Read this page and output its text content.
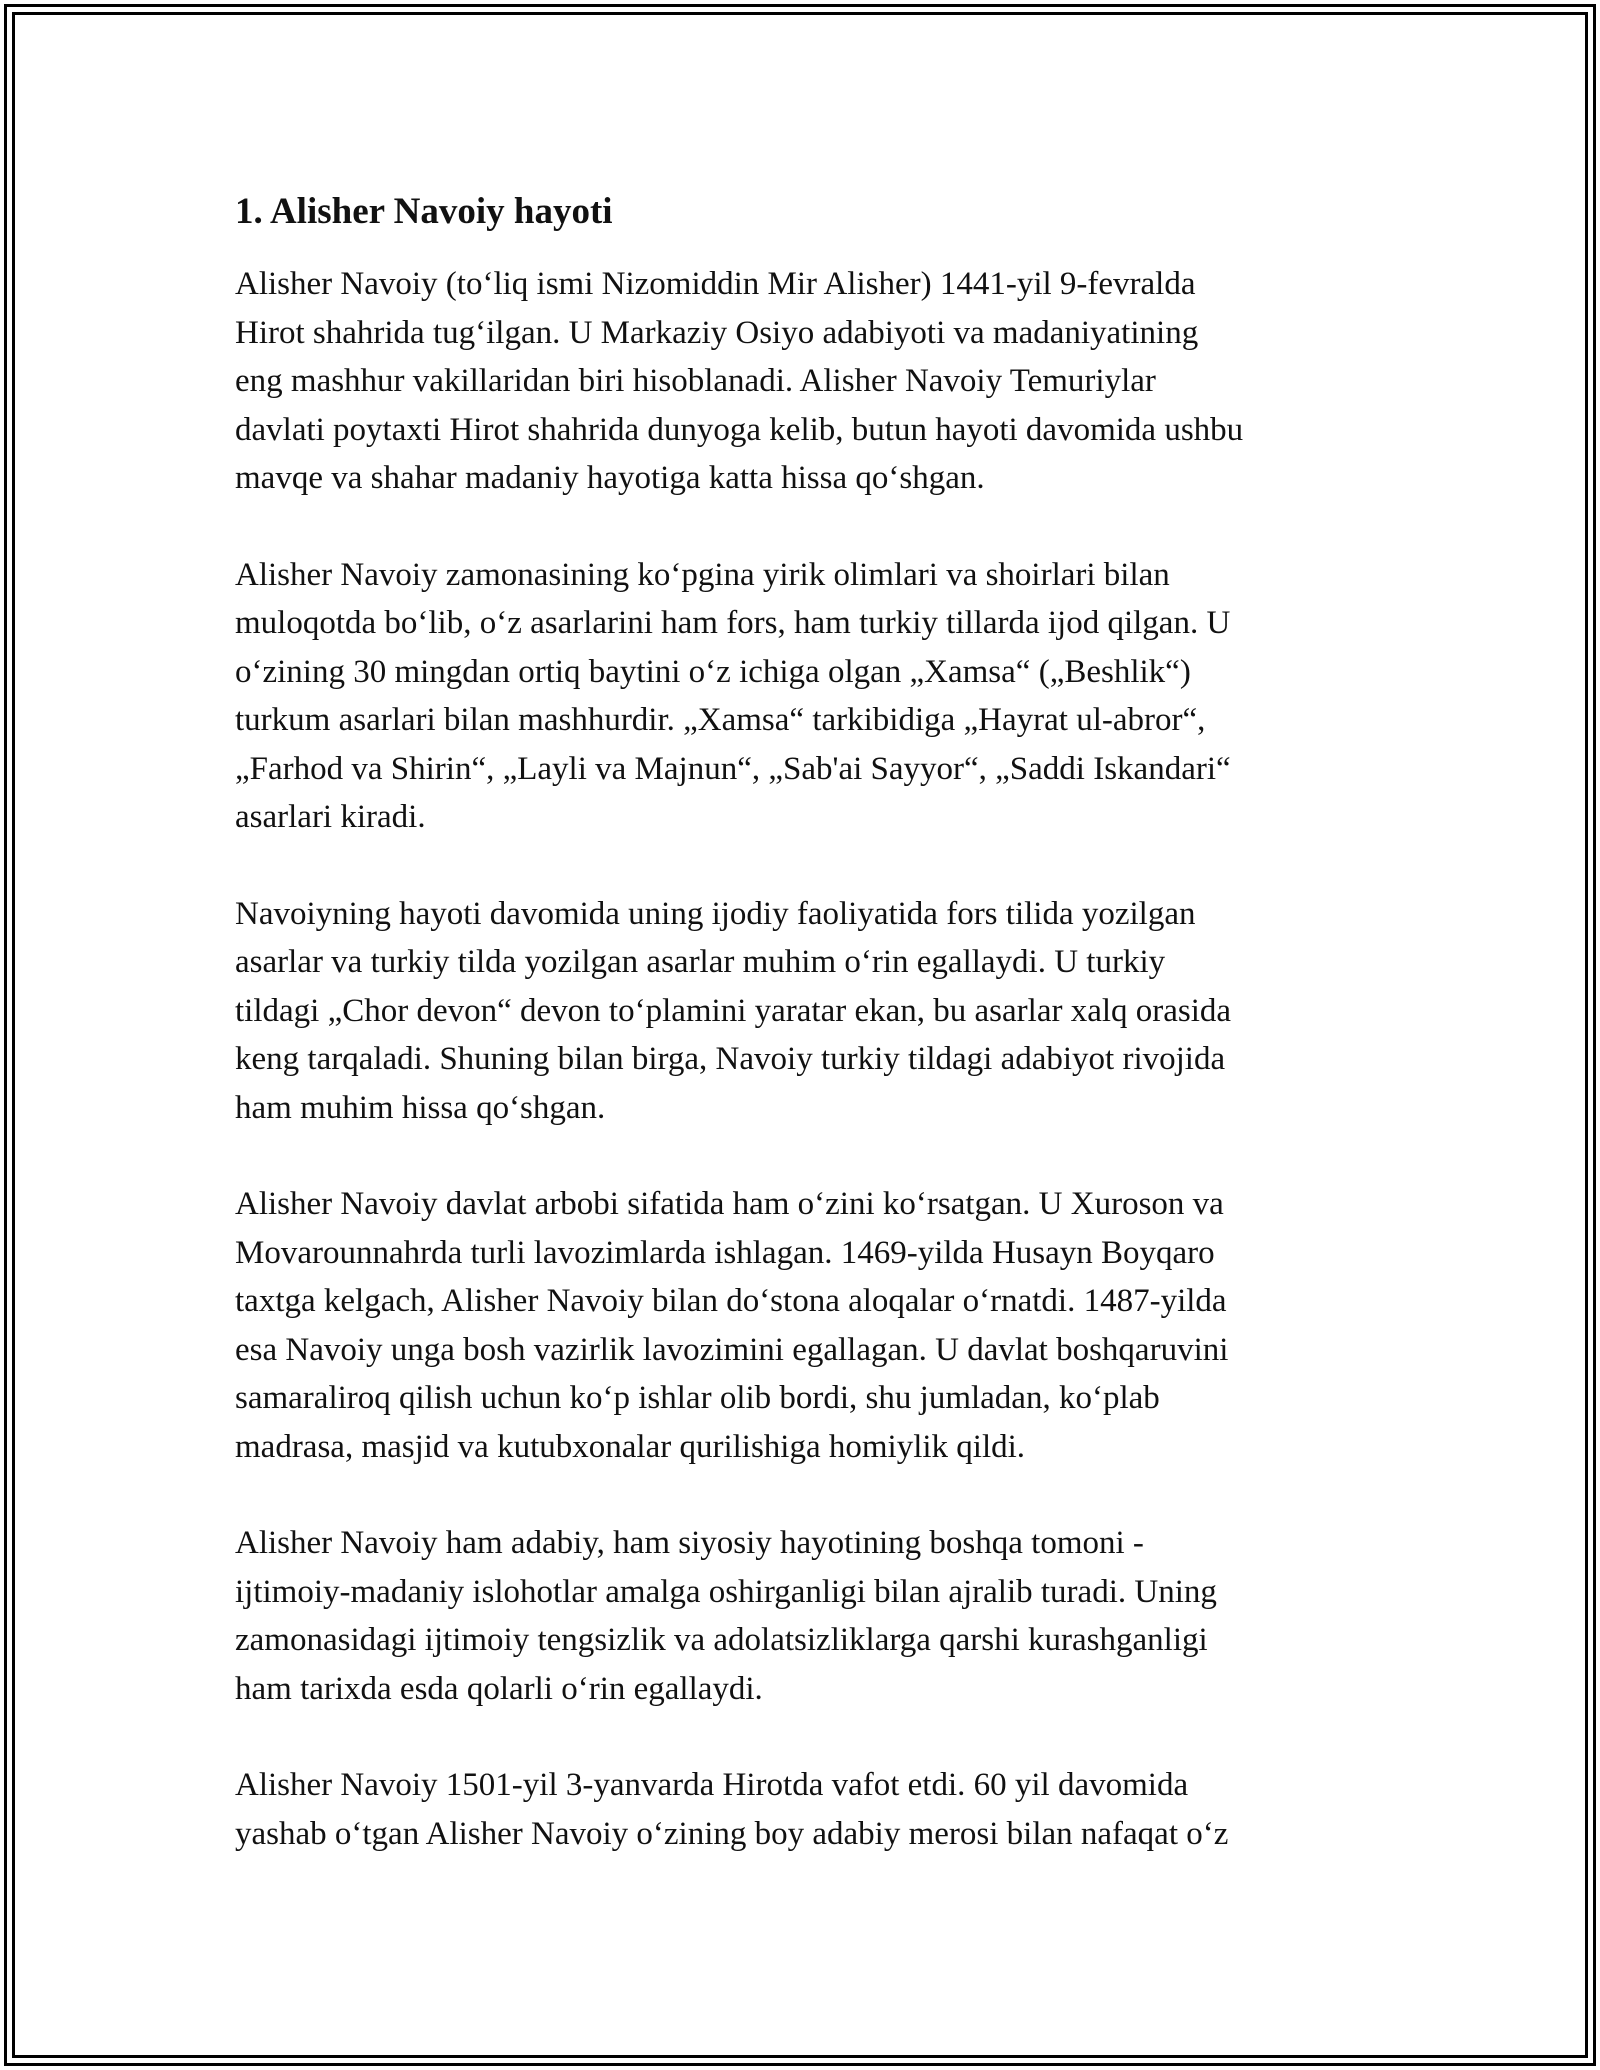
1. Alisher Navoiy hayoti

Alisher Navoiy (to‘liq ismi Nizomiddin Mir Alisher) 1441-yil 9-fevralda
Hirot shahrida tug‘ilgan. U Markaziy Osiyo adabiyoti va madaniyatining
eng mashhur vakillaridan biri hisoblanadi. Alisher Navoiy Temuriylar
davlati poytaxti Hirot shahrida dunyoga kelib, butun hayoti davomida ushbu
mavqe va shahar madaniy hayotiga katta hissa qo‘shgan.

Alisher Navoiy zamonasining ko‘pgina yirik olimlari va shoirlari bilan
muloqotda bo‘lib, o‘z asarlarini ham fors, ham turkiy tillarda ijod qilgan. U
o‘zining 30 mingdan ortiq baytini o‘z ichiga olgan „Xamsa“ („Beshlik“)
turkum asarlari bilan mashhurdir. „Xamsa“ tarkibidiga „Hayrat ul-abror“,
„Farhod va Shirin“, „Layli va Majnun“, „Sab'ai Sayyor“, „Saddi Iskandari“
asarlari kiradi.

Navoiyning hayoti davomida uning ijodiy faoliyatida fors tilida yozilgan
asarlar va turkiy tilda yozilgan asarlar muhim o‘rin egallaydi. U turkiy
tildagi „Chor devon“ devon to‘plamini yaratar ekan, bu asarlar xalq orasida
keng tarqaladi. Shuning bilan birga, Navoiy turkiy tildagi adabiyot rivojida
ham muhim hissa qo‘shgan.

Alisher Navoiy davlat arbobi sifatida ham o‘zini ko‘rsatgan. U Xuroson va
Movarounnahrda turli lavozimlarda ishlagan. 1469-yilda Husayn Boyqaro
taxtga kelgach, Alisher Navoiy bilan do‘stona aloqalar o‘rnatdi. 1487-yilda
esa Navoiy unga bosh vazirlik lavozimini egallagan. U davlat boshqaruvini
samaraliroq qilish uchun ko‘p ishlar olib bordi, shu jumladan, ko‘plab
madrasa, masjid va kutubxonalar qurilishiga homiylik qildi.

Alisher Navoiy ham adabiy, ham siyosiy hayotining boshqa tomoni -
ijtimoiy-madaniy islohotlar amalga oshirganligi bilan ajralib turadi. Uning
zamonasidagi ijtimoiy tengsizlik va adolatsizliklarga qarshi kurashganligi
ham tarixda esda qolarli o‘rin egallaydi.

Alisher Navoiy 1501-yil 3-yanvarda Hirotda vafot etdi. 60 yil davomida
yashab o‘tgan Alisher Navoiy o‘zining boy adabiy merosi bilan nafaqat o‘z
